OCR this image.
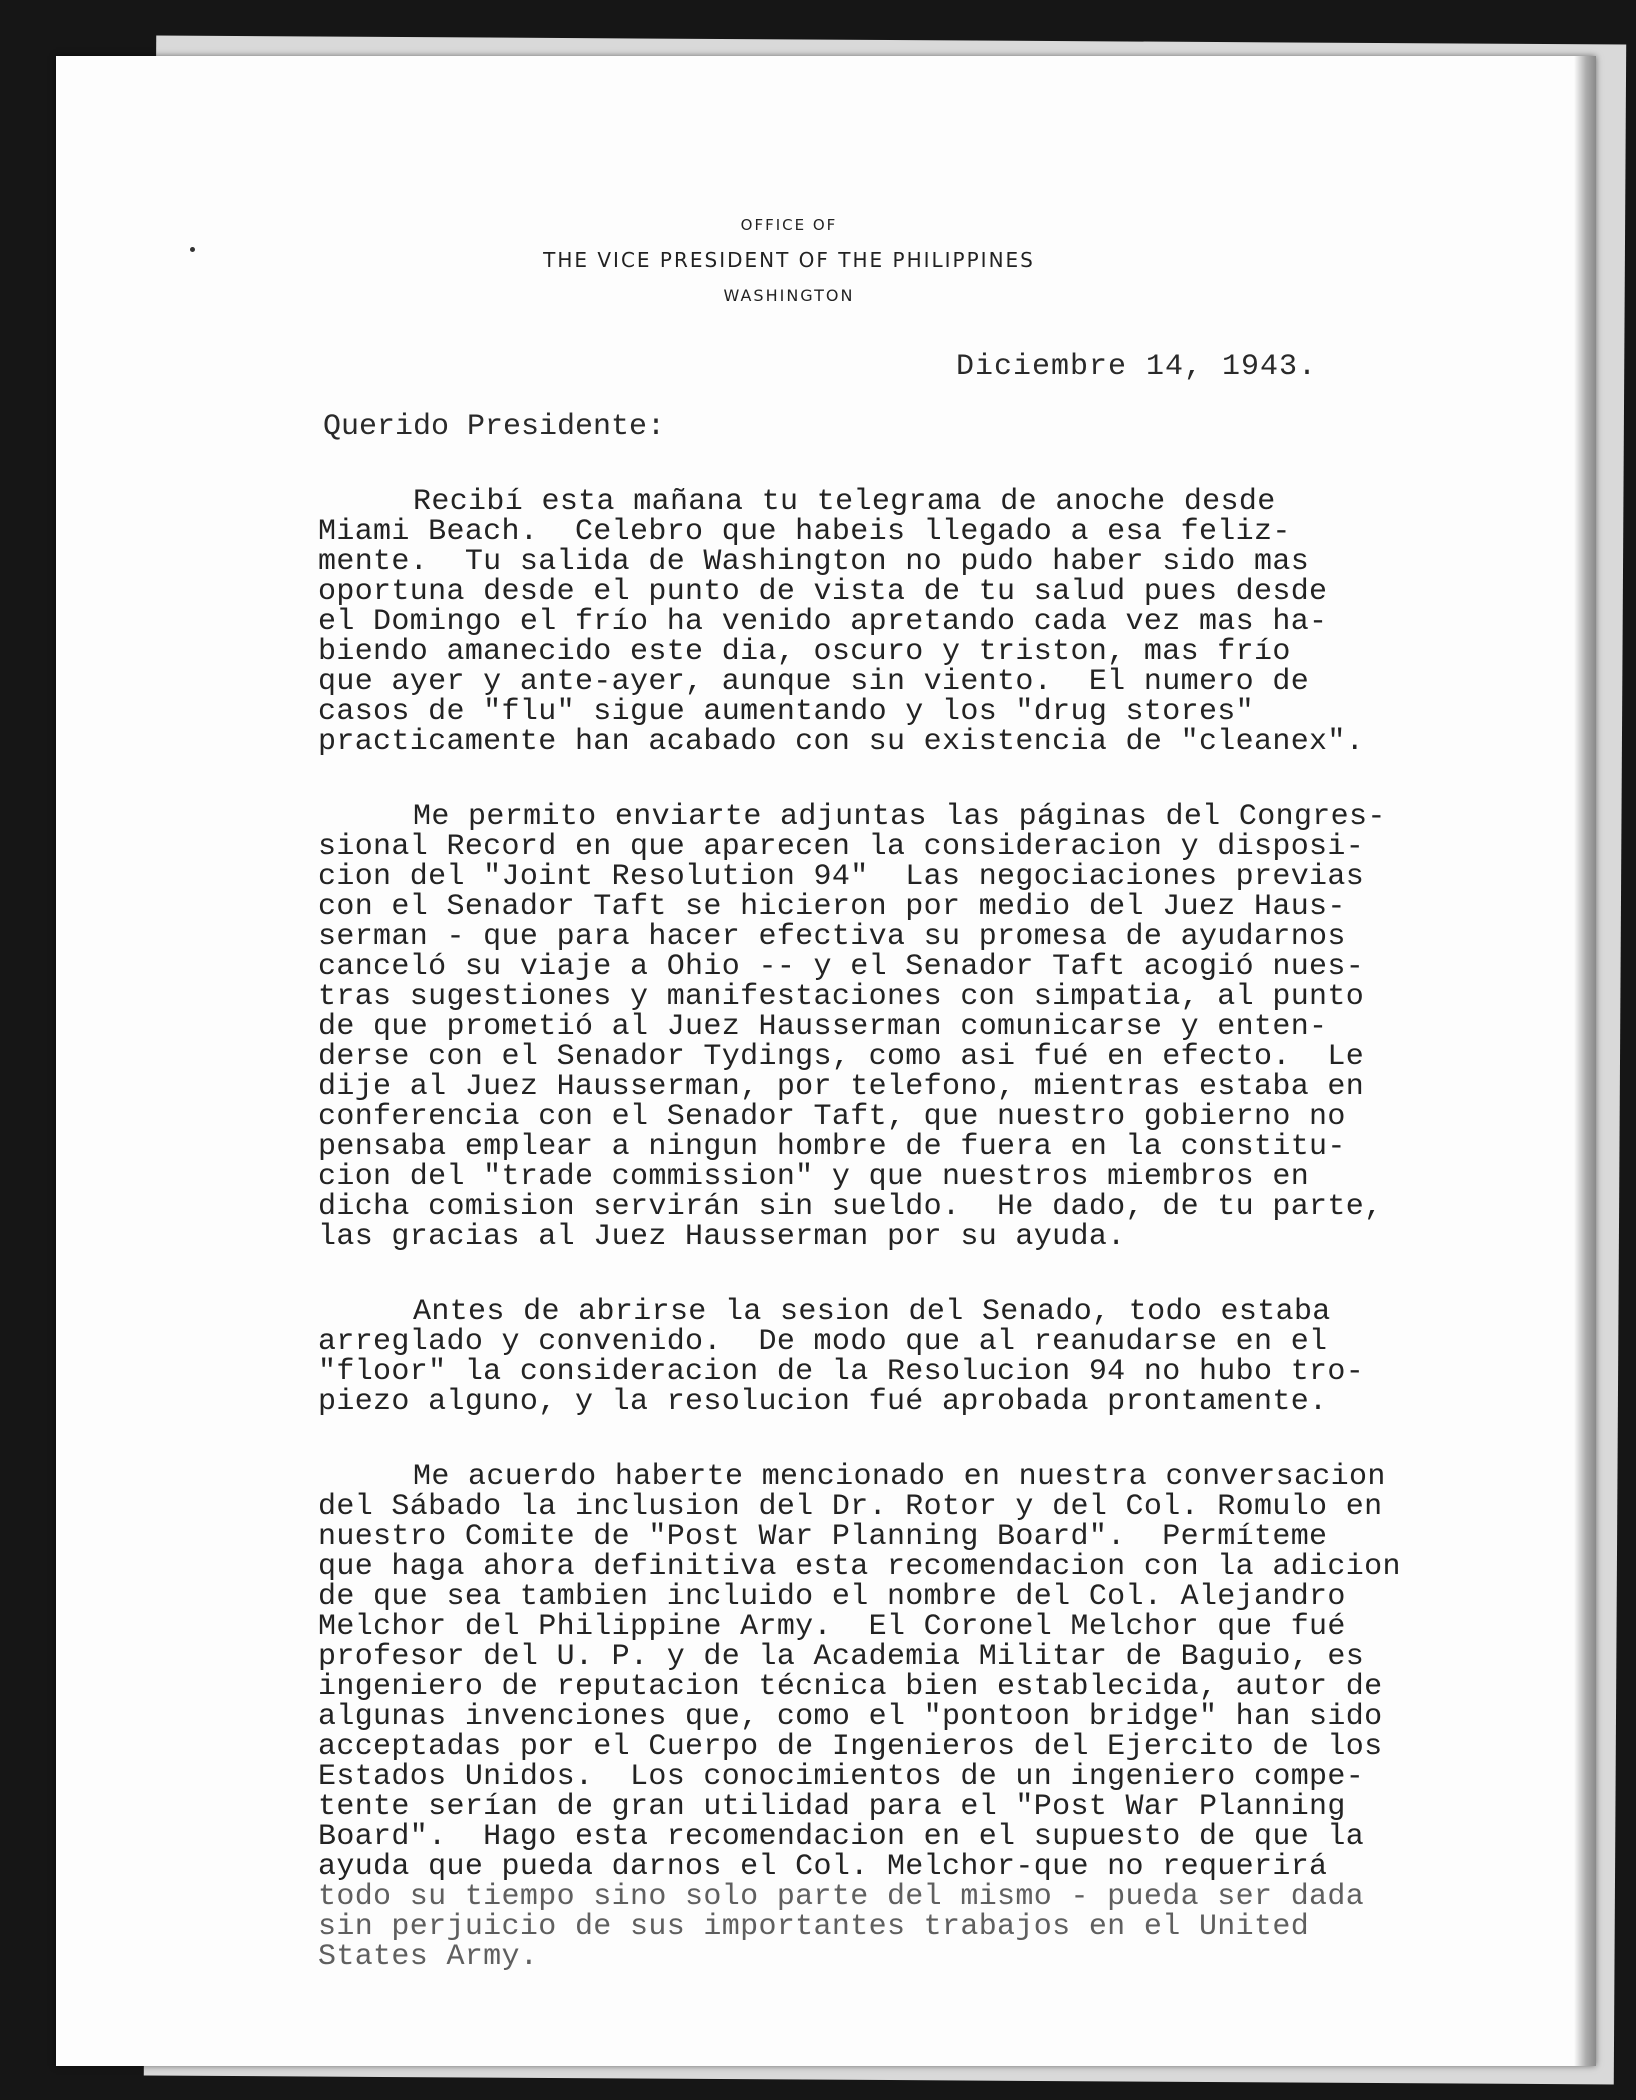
OFFICE OF
THE VICE PRESIDENT OF THE PHILIPPINES
WASHINGTON
Diciembre 14, 1943.
Querido Presidente:
Recibí esta mañana tu telegrama de anoche desde
Miami Beach.  Celebro que habeis llegado a esa feliz-
mente.  Tu salida de Washington no pudo haber sido mas
oportuna desde el punto de vista de tu salud pues desde
el Domingo el frío ha venido apretando cada vez mas ha-
biendo amanecido este dia, oscuro y triston, mas frío
que ayer y ante-ayer, aunque sin viento.  El numero de
casos de "flu" sigue aumentando y los "drug stores"
practicamente han acabado con su existencia de "cleanex".
Me permito enviarte adjuntas las páginas del Congres-
sional Record en que aparecen la consideracion y disposi-
cion del "Joint Resolution 94"  Las negociaciones previas
con el Senador Taft se hicieron por medio del Juez Haus-
serman - que para hacer efectiva su promesa de ayudarnos
canceló su viaje a Ohio -- y el Senador Taft acogió nues-
tras sugestiones y manifestaciones con simpatia, al punto
de que prometió al Juez Hausserman comunicarse y enten-
derse con el Senador Tydings, como asi fué en efecto.  Le
dije al Juez Hausserman, por telefono, mientras estaba en
conferencia con el Senador Taft, que nuestro gobierno no
pensaba emplear a ningun hombre de fuera en la constitu-
cion del "trade commission" y que nuestros miembros en
dicha comision servirán sin sueldo.  He dado, de tu parte,
las gracias al Juez Hausserman por su ayuda.
Antes de abrirse la sesion del Senado, todo estaba
arreglado y convenido.  De modo que al reanudarse en el
"floor" la consideracion de la Resolucion 94 no hubo tro-
piezo alguno, y la resolucion fué aprobada prontamente.
Me acuerdo haberte mencionado en nuestra conversacion
del Sábado la inclusion del Dr. Rotor y del Col. Romulo en
nuestro Comite de "Post War Planning Board".  Permíteme
que haga ahora definitiva esta recomendacion con la adicion
de que sea tambien incluido el nombre del Col. Alejandro
Melchor del Philippine Army.  El Coronel Melchor que fué
profesor del U. P. y de la Academia Militar de Baguio, es
ingeniero de reputacion técnica bien establecida, autor de
algunas invenciones que, como el "pontoon bridge" han sido
acceptadas por el Cuerpo de Ingenieros del Ejercito de los
Estados Unidos.  Los conocimientos de un ingeniero compe-
tente serían de gran utilidad para el "Post War Planning
Board".  Hago esta recomendacion en el supuesto de que la
ayuda que pueda darnos el Col. Melchor-que no requerirá
todo su tiempo sino solo parte del mismo - pueda ser dada
sin perjuicio de sus importantes trabajos en el United
States Army.
